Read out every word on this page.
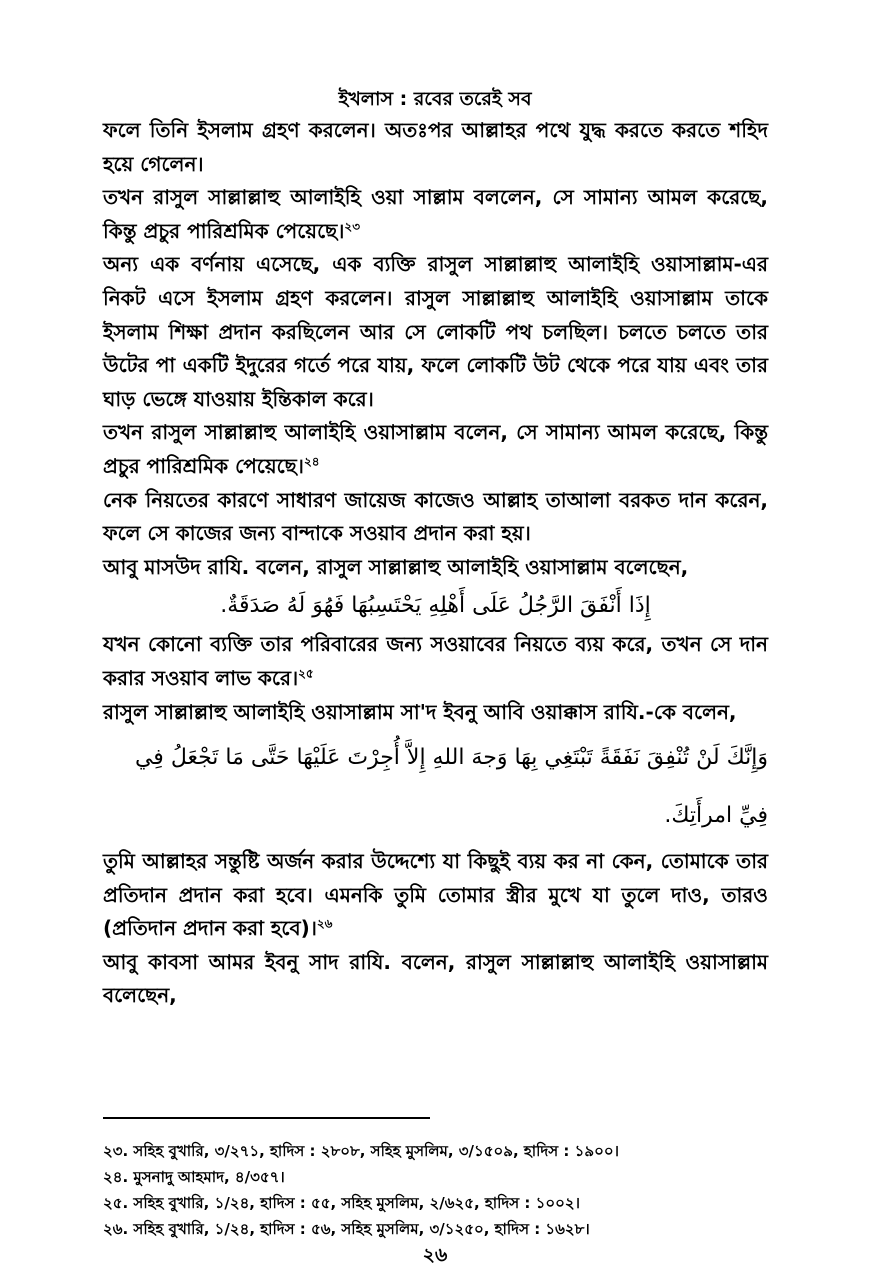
ইখলাস : রবের তরেই সব

ফলে তিনি ইসলাম গ্রহণ করলেন। অতঃপর আল্লাহর পথে যুদ্ধ করতে করতে শহিদ হয়ে গেলেন।

তখন রাসুল সাল্লাল্লাহু আলাইহি ওয়া সাল্লাম বললেন, সে সামান্য আমল করেছে, কিন্তু প্রচুর পারিশ্রমিক পেয়েছে।$^{২৩}$

অন্য এক বর্ণনায় এসেছে, এক ব্যক্তি রাসুল সাল্লাল্লাহু আলাইহি ওয়াসাল্লাম-এর নিকট এসে ইসলাম গ্রহণ করলেন। রাসুল সাল্লাল্লাহু আলাইহি ওয়াসাল্লাম তাকে ইসলাম শিক্ষা প্রদান করছিলেন আর সে লোকটি পথ চলছিল। চলতে চলতে তার উটের পা একটি ইদুরের গর্তে পরে যায়, ফলে লোকটি উট থেকে পরে যায় এবং তার ঘাড় ভেঙ্গে যাওয়ায় ইন্তিকাল করে।

তখন রাসুল সাল্লাল্লাহু আলাইহি ওয়াসাল্লাম বলেন, সে সামান্য আমল করেছে, কিন্তু প্রচুর পারিশ্রমিক পেয়েছে।$^{২৪}$

নেক নিয়তের কারণে সাধারণ জায়েজ কাজেও আল্লাহ তাআলা বরকত দান করেন, ফলে সে কাজের জন্য বান্দাকে সওয়াব প্রদান করা হয়।

আবু মাসউদ রাযি. বলেন, রাসুল সাল্লাল্লাহু আলাইহি ওয়াসাল্লাম বলেছেন,

إِذَا أَنْفَقَ الرَّجُلُ عَلَى أَهْلِهِ يَحْتَسِبُهَا فَهُوَ لَهُ صَدَقَةٌ.

যখন কোনো ব্যক্তি তার পরিবারের জন্য সওয়াবের নিয়তে ব্যয় করে, তখন সে দান করার সওয়াব লাভ করে।$^{২৫}$

রাসুল সাল্লাল্লাহু আলাইহি ওয়াসাল্লাম সা'দ ইবনু আবি ওয়াক্কাস রাযি.-কে বলেন,

وَإِنَّكَ لَنْ تُنْفِقَ نَفَقَةً تَبْتَغِي بِهَا وَجهَ اللهِ إِلاَّ أُجِرْتَ عَلَيْهَا حَتَّى مَا تَجْعَلُ فِي فِيِّ امرأَتِكَ.

তুমি আল্লাহর সন্তুষ্টি অর্জন করার উদ্দেশ্যে যা কিছুই ব্যয় কর না কেন, তোমাকে তার প্রতিদান প্রদান করা হবে। এমনকি তুমি তোমার স্ত্রীর মুখে যা তুলে দাও, তারও (প্রতিদান প্রদান করা হবে)।$^{২৬}$

আবু কাবসা আমর ইবনু সাদ রাযি. বলেন, রাসুল সাল্লাল্লাহু আলাইহি ওয়াসাল্লাম বলেছেন,

২৩. সহিহ বুখারি, ৩/২৭১, হাদিস : ২৮০৮, সহিহ মুসলিম, ৩/১৫০৯, হাদিস : ১৯০০।
২৪. মুসনাদু আহমাদ, ৪/৩৫৭।
২৫. সহিহ বুখারি, ১/২৪, হাদিস : ৫৫, সহিহ মুসলিম, ২/৬২৫, হাদিস : ১০০২।
২৬. সহিহ বুখারি, ১/২৪, হাদিস : ৫৬, সহিহ মুসলিম, ৩/১২৫০, হাদিস : ১৬২৮।
২৬
